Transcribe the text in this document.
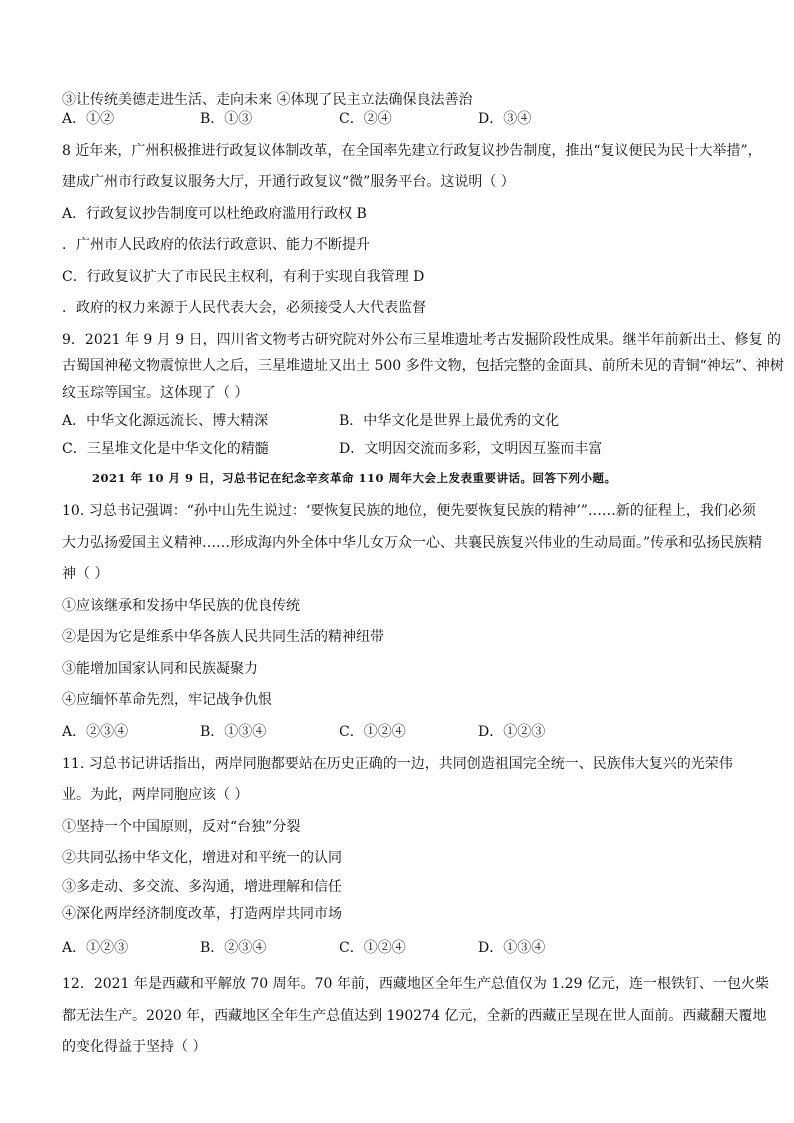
③让传统美德走进生活、走向未来 ④体现了民主立法确保良法善治
A．①②	B．①③	C．②④	D．③④
8 近年来，广州积极推进行政复议体制改革，在全国率先建立行政复议抄告制度，推出“复议便民为民十大举措”，
建成广州市行政复议服务大厅，开通行政复议“微”服务平台。这说明（ ）
A．行政复议抄告制度可以杜绝政府滥用行政权 B
．广州市人民政府的依法行政意识、能力不断提升
C．行政复议扩大了市民民主权利，有利于实现自我管理 D
．政府的权力来源于人民代表大会，必须接受人大代表监督
9．2021 年 9 月 9 日，四川省文物考古研究院对外公布三星堆遗址考古发掘阶段性成果。继半年前新出土、修复 的
古蜀国神秘文物震惊世人之后，三星堆遗址又出土 500 多件文物，包括完整的金面具、前所未见的青铜“神坛”、神树
纹玉琮等国宝。这体现了（ ）
A．中华文化源远流长、博大精深	B．中华文化是世界上最优秀的文化
C．三星堆文化是中华文化的精髓	D．文明因交流而多彩，文明因互鉴而丰富
2021 年 10 月 9 日，习总书记在纪念辛亥革命 110 周年大会上发表重要讲话。回答下列小题。
10. 习总书记强调：“孙中山先生说过：‘要恢复民族的地位，便先要恢复民族的精神’”……新的征程上，我们必须
大力弘扬爱国主义精神……形成海内外全体中华儿女万众一心、共襄民族复兴伟业的生动局面。”传承和弘扬民族精
神（ ）
①应该继承和发扬中华民族的优良传统
②是因为它是维系中华各族人民共同生活的精神纽带
③能增加国家认同和民族凝聚力
④应缅怀革命先烈，牢记战争仇恨
A．②③④	B．①③④	C．①②④	D．①②③
11. 习总书记讲话指出，两岸同胞都要站在历史正确的一边，共同创造祖国完全统一、民族伟大复兴的光荣伟
业。为此，两岸同胞应该（ ）
①坚持一个中国原则，反对“台独”分裂
②共同弘扬中华文化，增进对和平统一的认同
③多走动、多交流、多沟通，增进理解和信任
④深化两岸经济制度改革，打造两岸共同市场
A．①②③	B．②③④	C．①②④	D．①③④
12．2021 年是西藏和平解放 70 周年。70 年前，西藏地区全年生产总值仅为 1.29 亿元，连一根铁钉、一包火柴
都无法生产。2020 年，西藏地区全年生产总值达到 190274 亿元，全新的西藏正呈现在世人面前。西藏翻天覆地
的变化得益于坚持（ ）
